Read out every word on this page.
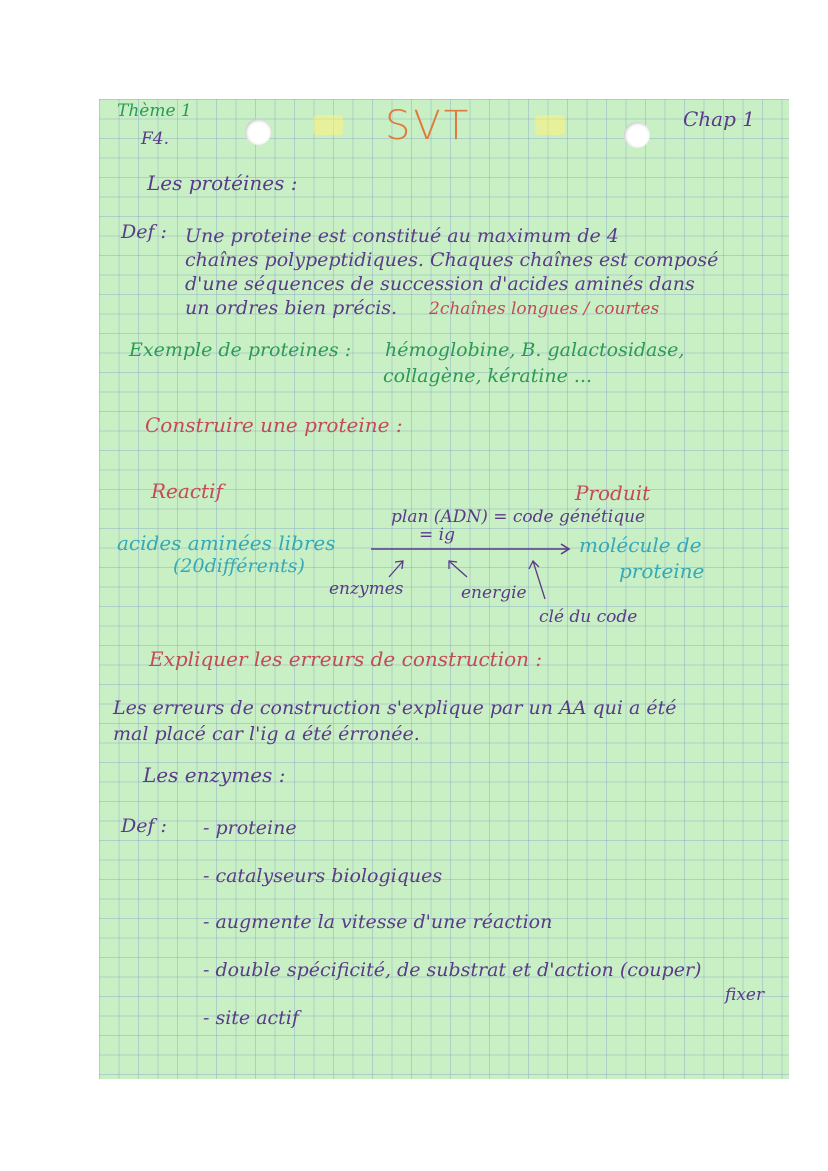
Thème 1
F4.	SVT	Chap 1
Les protéines :
Def : Une proteine est constitué au maximum de 4
chaînes polypeptidiques. Chaques chaînes est composé
d'une séquences de succession d'acides aminés dans
un ordres bien précis. 2chaînes longues / courtes
Exemple de proteines : hémoglobine, B. galactosidase,
collagène, kératine ...
Construire une proteine :
Reactif	Produit
plan (ADN) = code génétique
= ig
acides aminées libres
(20différents)
molécule de
proteine
enzymes	energie
clé du code
Expliquer les erreurs de construction :
Les erreurs de construction s'explique par un AA qui a été
mal placé car l'ig a été érronée.
Les enzymes :
Def : - proteine
- catalyseurs biologiques
- augmente la vitesse d'une réaction
- double spécificité, de substrat et d'action (couper)
fixer
- site actif
